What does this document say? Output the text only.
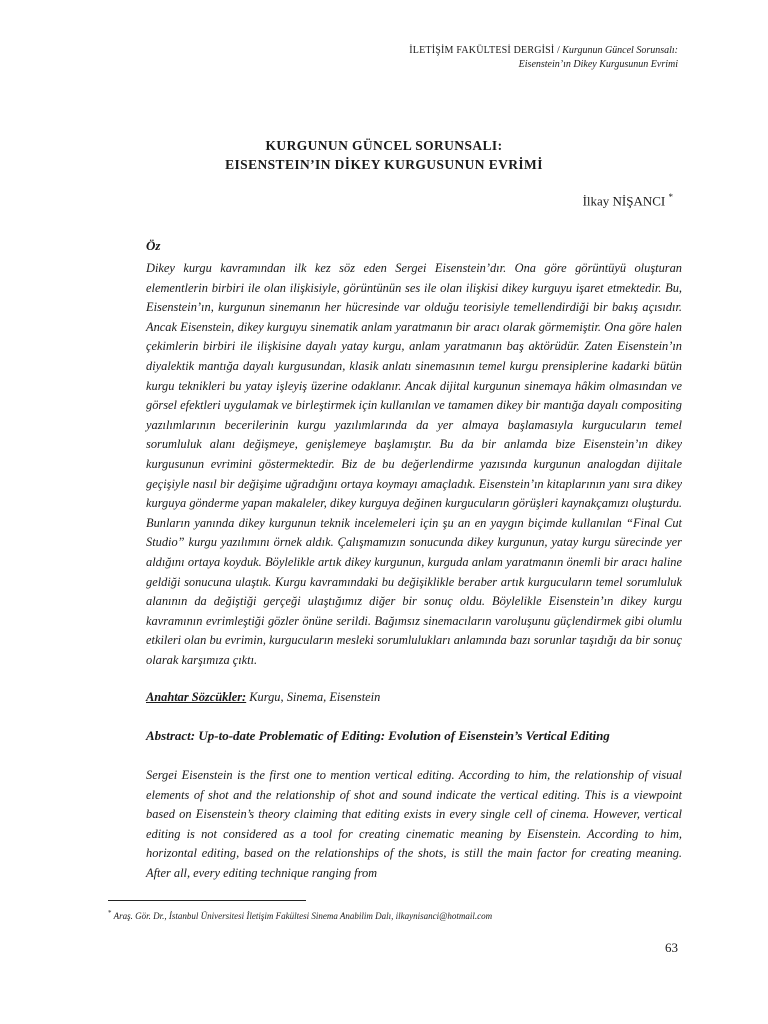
İLETİŞİM FAKÜLTESİ DERGİSİ / Kurgunun Güncel Sorunsalı:
Eisenstein’ın Dikey Kurgusunun Evrimi
KURGUNUN GÜNCEL SORUNSALI:
EISENSTEIN’IN DİKEY KURGUSUNUN EVRİMİ
İlkay NİŞANCI *
Öz
Dikey kurgu kavramından ilk kez söz eden Sergei Eisenstein’dır. Ona göre görüntüyü oluşturan elementlerin birbiri ile olan ilişkisiyle, görüntünün ses ile olan ilişkisi dikey kurguyu işaret etmektedir. Bu, Eisenstein’ın, kurgunun sinemanın her hücresinde var olduğu teorisiyle temellendirdiği bir bakış açısıdır. Ancak Eisenstein, dikey kurguyu sinematik anlam yaratmanın bir aracı olarak görmemiştir. Ona göre halen çekimlerin birbiri ile ilişkisine dayalı yatay kurgu, anlam yaratmanın baş aktörüdür. Zaten Eisenstein’ın diyalektik mantığa dayalı kurgusundan, klasik anlatı sinemasının temel kurgu prensiplerine kadarki bütün kurgu teknikleri bu yatay işleyiş üzerine odaklanır. Ancak dijital kurgunun sinemaya hâkim olmasından ve görsel efektleri uygulamak ve birleştirmek için kullanılan ve tamamen dikey bir mantığa dayalı compositing yazılımlarının becerilerinin kurgu yazılımlarında da yer almaya başlamasıyla kurgucuların temel sorumluluk alanı değişmeye, genişlemeye başlamıştır. Bu da bir anlamda bize Eisenstein’ın dikey kurgusunun evrimini göstermektedir. Biz de bu değerlendirme yazısında kurgunun analogdan dijitale geçişiyle nasıl bir değişime uğradığını ortaya koymayı amaçladık. Eisenstein’ın kitaplarının yanı sıra dikey kurguya gönderme yapan makaleler, dikey kurguya değinen kurgucuların görüşleri kaynakçamızı oluşturdu. Bunların yanında dikey kurgunun teknik incelemeleri için şu an en yaygın biçimde kullanılan “Final Cut Studio” kurgu yazılımını örnek aldık. Çalışmamızın sonucunda dikey kurgunun, yatay kurgu sürecinde yer aldığını ortaya koyduk. Böylelikle artık dikey kurgunun, kurguda anlam yaratmanın önemli bir aracı haline geldiği sonucuna ulaştık. Kurgu kavramındaki bu değişiklikle beraber artık kurgucuların temel sorumluluk alanının da değiştiği gerçeği ulaştığımız diğer bir sonuç oldu. Böylelikle Eisenstein’ın dikey kurgu kavramının evrimleştiği gözler önüne serildi. Bağımsız sinemacıların varoluşunu güçlendirmek gibi olumlu etkileri olan bu evrimin, kurgucuların mesleki sorumlulukları anlamında bazı sorunlar taşıdığı da bir sonuç olarak karşımıza çıktı.
Anahtar Sözcükler: Kurgu, Sinema, Eisenstein
Abstract: Up-to-date Problematic of Editing: Evolution of Eisenstein’s Vertical Editing
Sergei Eisenstein is the first one to mention vertical editing. According to him, the relationship of visual elements of shot and the relationship of shot and sound indicate the vertical editing. This is a viewpoint based on Eisenstein’s theory claiming that editing exists in every single cell of cinema. However, vertical editing is not considered as a tool for creating cinematic meaning by Eisenstein. According to him, horizontal editing, based on the relationships of the shots, is still the main factor for creating meaning. After all, every editing technique ranging from
* Araş. Gör. Dr., İstanbul Üniversitesi İletişim Fakültesi Sinema Anabilim Dalı, ilkaynisanci@hotmail.com
63
